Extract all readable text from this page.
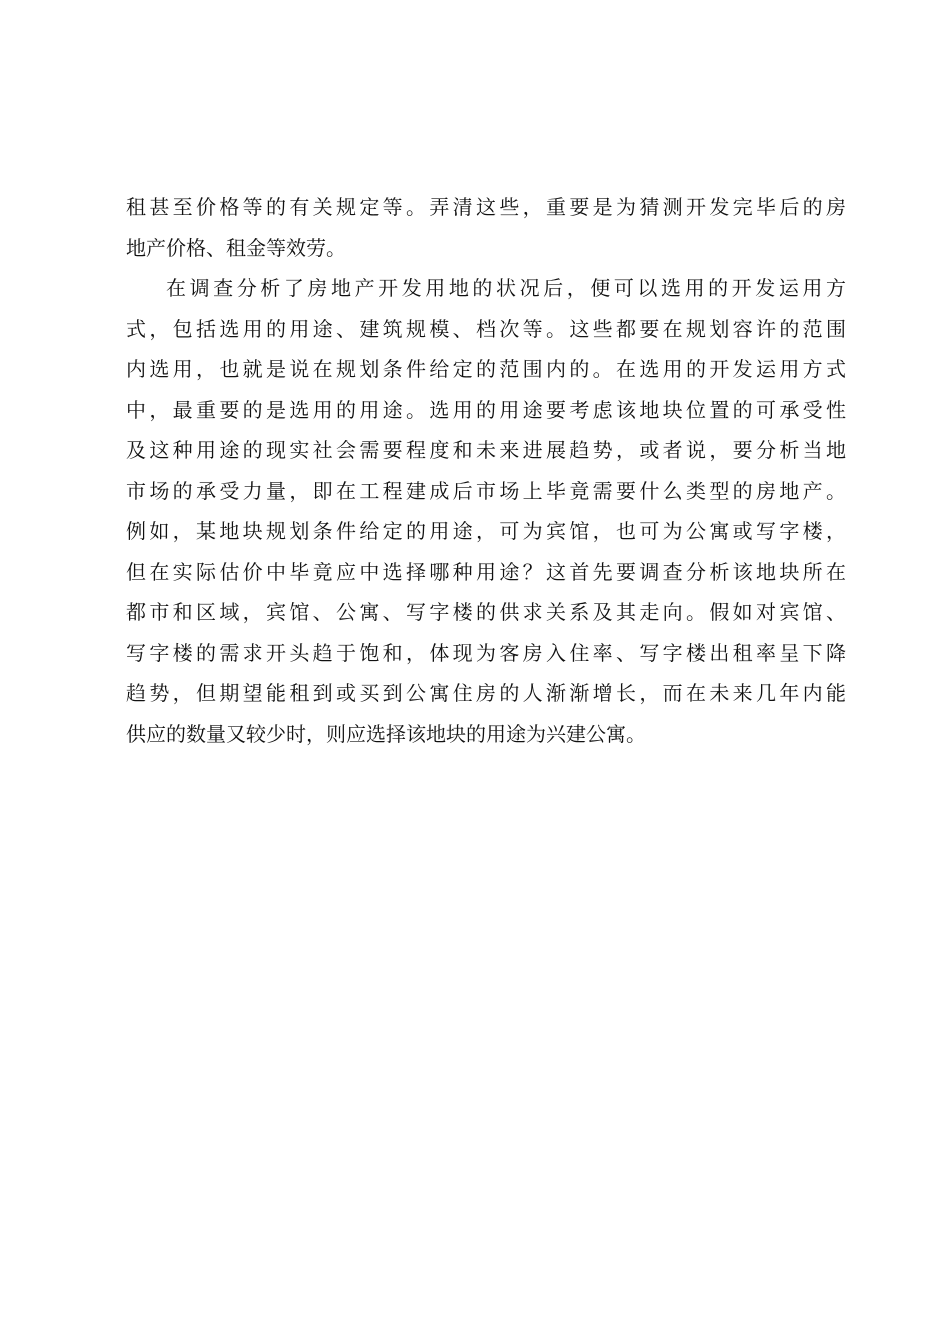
租甚至价格等的有关规定等。弄清这些，重要是为猜测开发完毕后的房
地产价格、租金等效劳。
在调查分析了房地产开发用地的状况后，便可以选用的开发运用方
式，包括选用的用途、建筑规模、档次等。这些都要在规划容许的范围
内选用，也就是说在规划条件给定的范围内的。在选用的开发运用方式
中，最重要的是选用的用途。选用的用途要考虑该地块位置的可承受性
及这种用途的现实社会需要程度和未来进展趋势，或者说，要分析当地
市场的承受力量，即在工程建成后市场上毕竟需要什么类型的房地产。
例如，某地块规划条件给定的用途，可为宾馆，也可为公寓或写字楼，
但在实际估价中毕竟应中选择哪种用途？这首先要调查分析该地块所在
都市和区域，宾馆、公寓、写字楼的供求关系及其走向。假如对宾馆、
写字楼的需求开头趋于饱和，体现为客房入住率、写字楼出租率呈下降
趋势，但期望能租到或买到公寓住房的人渐渐增长，而在未来几年内能
供应的数量又较少时，则应选择该地块的用途为兴建公寓。
